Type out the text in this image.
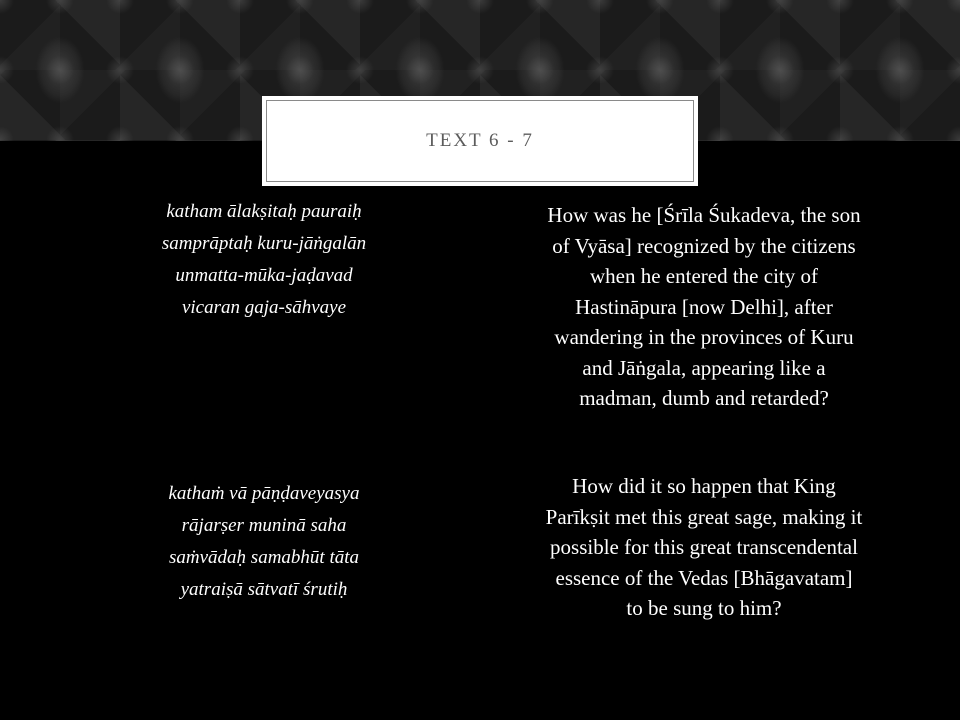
TEXT 6 - 7
katham ālakṣitaḥ pauraiḥ
samprāptaḥ kuru-jāṅgalān
unmatta-mūka-jaḍavad
vicaran gaja-sāhvaye
How was he [Śrīla Śukadeva, the son
of Vyāsa] recognized by the citizens
when he entered the city of
Hastināpura [now Delhi], after
wandering in the provinces of Kuru
and Jāṅgala, appearing like a
madman, dumb and retarded?
kathaṁ vā pāṇḍaveyasya
rājarṣer muninā saha
saṁvādaḥ samabhūt tāta
yatraiṣā sātvatī śrutiḥ
How did it so happen that King
Parīkṣit met this great sage, making it
possible for this great transcendental
essence of the Vedas [Bhāgavatam]
to be sung to him?
